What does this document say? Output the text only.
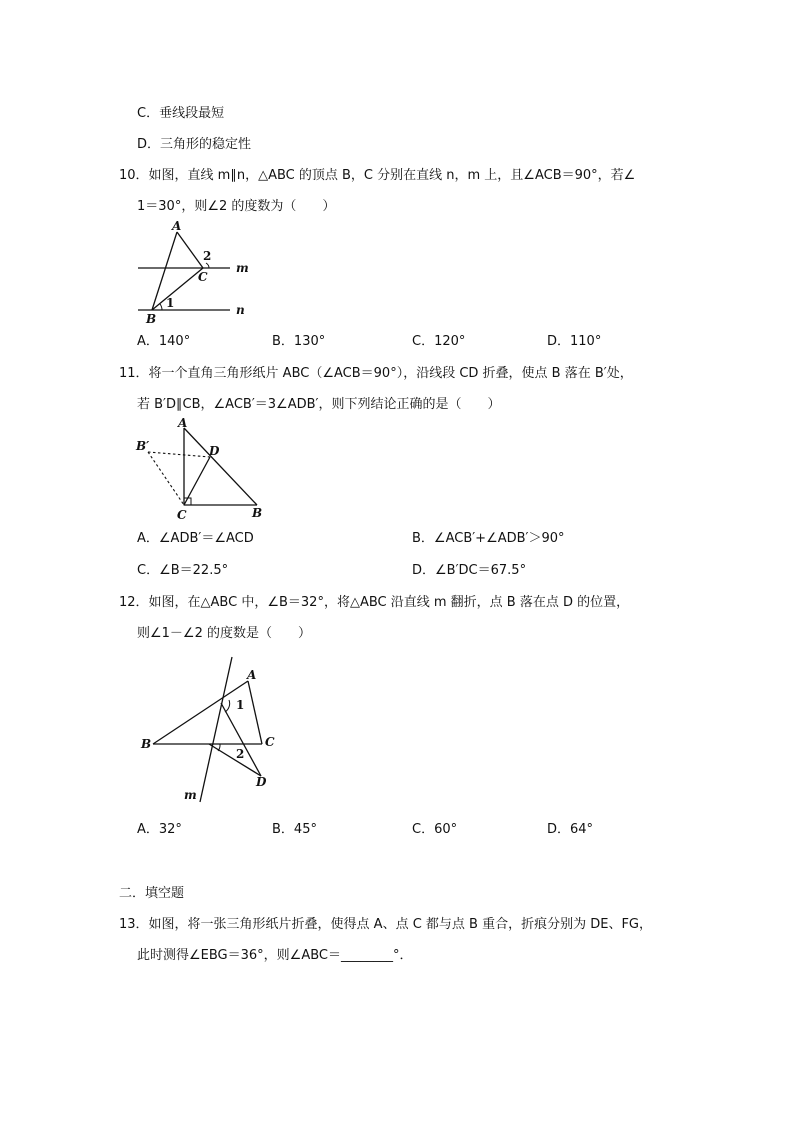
C．垂线段最短
D．三角形的稳定性
10．如图，直线 m∥n，△ABC 的顶点 B，C 分别在直线 n，m 上，且∠ACB＝90°，若∠
1＝30°，则∠2 的度数为（　　）
A
2
C
m
1
B
n
A．140°	B．130°	C．120°	D．110°
11．将一个直角三角形纸片 ABC（∠ACB＝90°），沿线段 CD 折叠，使点 B 落在 B′处，
若 B′D∥CB，∠ACB′＝3∠ADB′，则下列结论正确的是（　　）
A
B′	D
C	B
A．∠ADB′＝∠ACD	B．∠ACB′+∠ADB′＞90°
C．∠B＝22.5°	D．∠B′DC＝67.5°
12．如图，在△ABC 中，∠B＝32°，将△ABC 沿直线 m 翻折，点 B 落在点 D 的位置，
则∠1－∠2 的度数是（　　）
A
1
B	C
2
D
m
A．32°	B．45°	C．60°	D．64°
二．填空题
13．如图，将一张三角形纸片折叠，使得点 A、点 C 都与点 B 重合，折痕分别为 DE、FG，
此时测得∠EBG＝36°，则∠ABC＝________°．
